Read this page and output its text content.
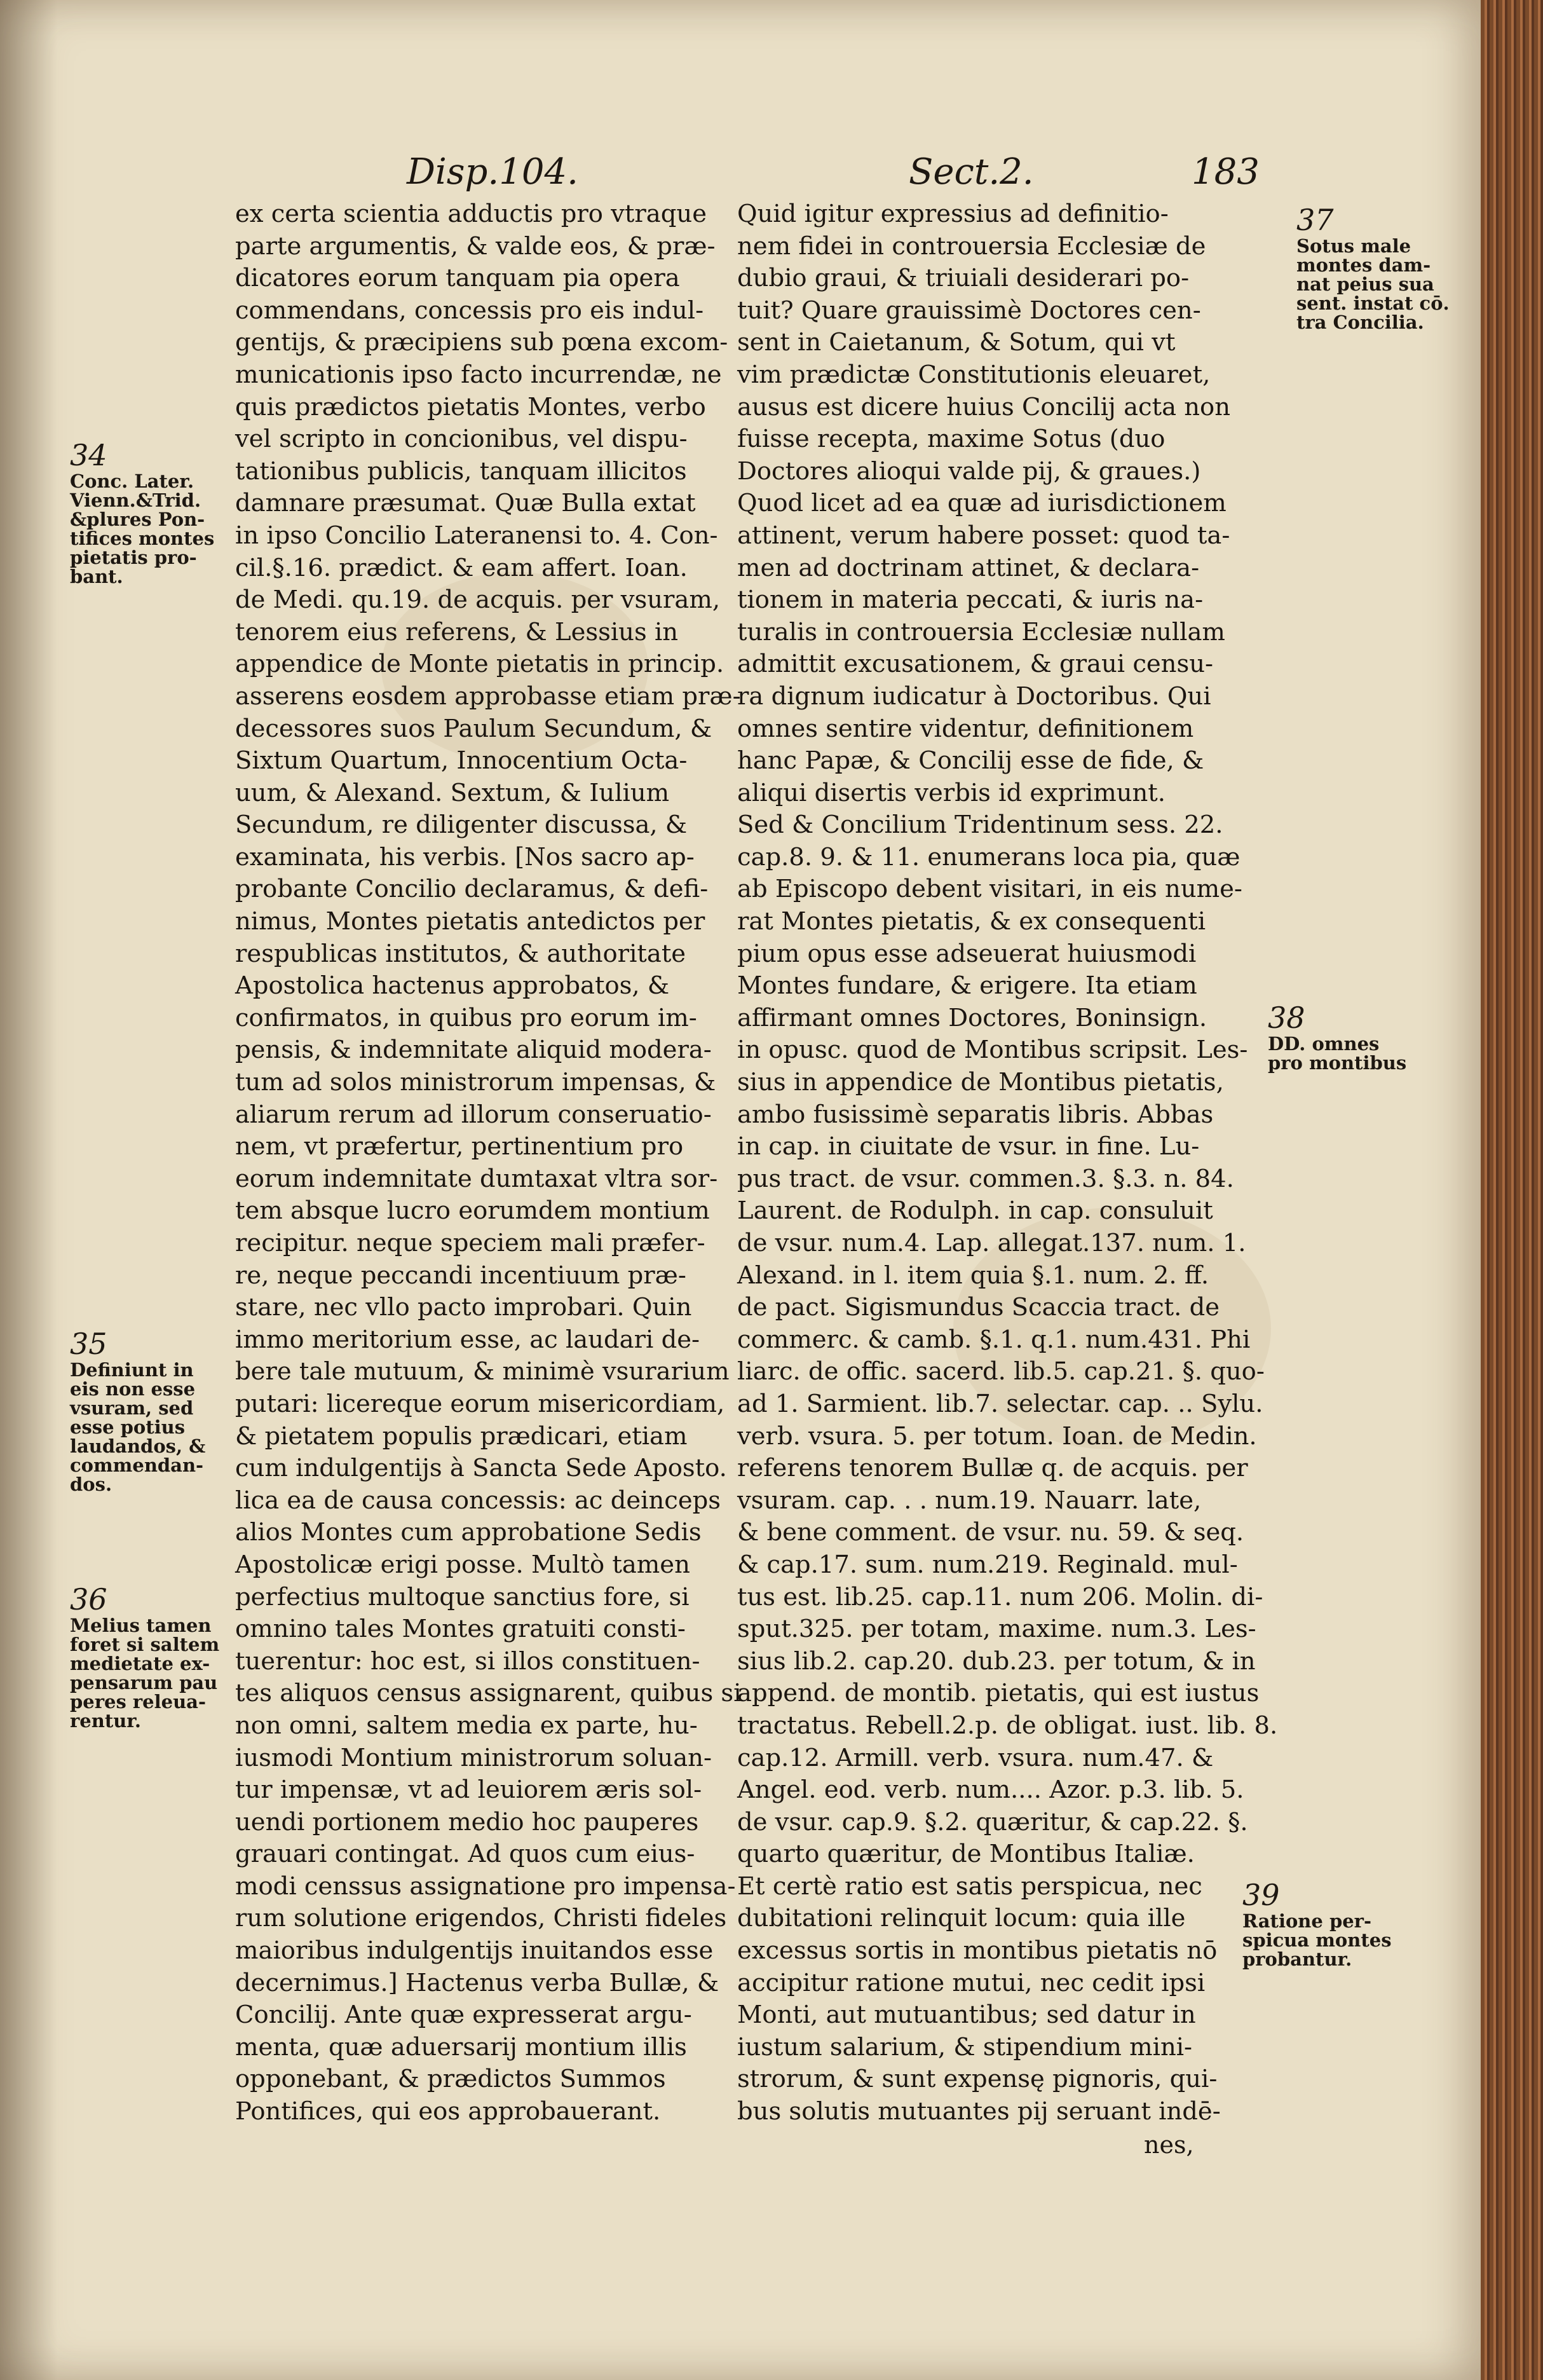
Disp.104.	Sect.2.	183
ex certa scientia adductis pro vtraque
parte argumentis, & valde eos, & præ-
dicatores eorum tanquam pia opera
commendans, concessis pro eis indul-
gentijs, & præcipiens sub pœna excom-
municationis ipso facto incurrendæ, ne
quis prædictos pietatis Montes, verbo
vel scripto in concionibus, vel dispu-
tationibus publicis, tanquam illicitos
damnare præsumat. Quæ Bulla extat
in ipso Concilio Lateranensi to. 4. Con-
cil.§.16. prædict. & eam affert. Ioan.
de Medi. qu.19. de acquis. per vsuram,
tenorem eius referens, & Lessius in
appendice de Monte pietatis in princip.
asserens eosdem approbasse etiam præ-
decessores suos Paulum Secundum, &
Sixtum Quartum, Innocentium Octa-
uum, & Alexand. Sextum, & Iulium
Secundum, re diligenter discussa, &
examinata, his verbis. [Nos sacro ap-
probante Concilio declaramus, & defi-
nimus, Montes pietatis antedictos per
respublicas institutos, & authoritate
Apostolica hactenus approbatos, &
confirmatos, in quibus pro eorum im-
pensis, & indemnitate aliquid modera-
tum ad solos ministrorum impensas, &
aliarum rerum ad illorum conseruatio-
nem, vt præfertur, pertinentium pro
eorum indemnitate dumtaxat vltra sor-
tem absque lucro eorumdem montium
recipitur. neque speciem mali præfer-
re, neque peccandi incentiuum præ-
stare, nec vllo pacto improbari. Quin
immo meritorium esse, ac laudari de-
bere tale mutuum, & minimè vsurarium
putari: licereque eorum misericordiam,
& pietatem populis prædicari, etiam
cum indulgentijs à Sancta Sede Aposto.
lica ea de causa concessis: ac deinceps
alios Montes cum approbatione Sedis
Apostolicæ erigi posse. Multò tamen
perfectius multoque sanctius fore, si
omnino tales Montes gratuiti consti-
tuerentur: hoc est, si illos constituen-
tes aliquos census assignarent, quibus si
non omni, saltem media ex parte, hu-
iusmodi Montium ministrorum soluan-
tur impensæ, vt ad leuiorem æris sol-
uendi portionem medio hoc pauperes
grauari contingat. Ad quos cum eius-
modi censsus assignatione pro impensa-
rum solutione erigendos, Christi fideles
maioribus indulgentijs inuitandos esse
decernimus.] Hactenus verba Bullæ, &
Concilij. Ante quæ expresserat argu-
menta, quæ aduersarij montium illis
opponebant, & prædictos Summos
Pontifices, qui eos approbauerant.
Quid igitur expressius ad definitio-
nem fidei in controuersia Ecclesiæ de
dubio graui, & triuiali desiderari po-
tuit? Quare grauissimè Doctores cen-
sent in Caietanum, & Sotum, qui vt
vim prædictæ Constitutionis eleuaret,
ausus est dicere huius Concilij acta non
fuisse recepta, maxime Sotus (duo
Doctores alioqui valde pij, & graues.)
Quod licet ad ea quæ ad iurisdictionem
attinent, verum habere posset: quod ta-
men ad doctrinam attinet, & declara-
tionem in materia peccati, & iuris na-
turalis in controuersia Ecclesiæ nullam
admittit excusationem, & graui censu-
ra dignum iudicatur à Doctoribus. Qui
omnes sentire videntur, definitionem
hanc Papæ, & Concilij esse de fide, &
aliqui disertis verbis id exprimunt.
Sed & Concilium Tridentinum sess. 22.
cap.8. 9. & 11. enumerans loca pia, quæ
ab Episcopo debent visitari, in eis nume-
rat Montes pietatis, & ex consequenti
pium opus esse adseuerat huiusmodi
Montes fundare, & erigere. Ita etiam
affirmant omnes Doctores, Boninsign.
in opusc. quod de Montibus scripsit. Les-
sius in appendice de Montibus pietatis,
ambo fusissimè separatis libris. Abbas
in cap. in ciuitate de vsur. in fine. Lu-
pus tract. de vsur. commen.3. §.3. n. 84.
Laurent. de Rodulph. in cap. consuluit
de vsur. num.4. Lap. allegat.137. num. 1.
Alexand. in l. item quia §.1. num. 2. ff.
de pact. Sigismundus Scaccia tract. de
commerc. & camb. §.1. q.1. num.431. Phi
liarc. de offic. sacerd. lib.5. cap.21. §. quo-
ad 1. Sarmient. lib.7. selectar. cap. .. Sylu.
verb. vsura. 5. per totum. Ioan. de Medin.
referens tenorem Bullæ q. de acquis. per
vsuram. cap. . . num.19. Nauarr. late,
& bene comment. de vsur. nu. 59. & seq.
& cap.17. sum. num.219. Reginald. mul-
tus est. lib.25. cap.11. num 206. Molin. di-
sput.325. per totam, maxime. num.3. Les-
sius lib.2. cap.20. dub.23. per totum, & in
append. de montib. pietatis, qui est iustus
tractatus. Rebell.2.p. de obligat. iust. lib. 8.
cap.12. Armill. verb. vsura. num.47. &
Angel. eod. verb. num.... Azor. p.3. lib. 5.
de vsur. cap.9. §.2. quæritur, & cap.22. §.
quarto quæritur, de Montibus Italiæ.
Et certè ratio est satis perspicua, nec
dubitationi relinquit locum: quia ille
excessus sortis in montibus pietatis nō
accipitur ratione mutui, nec cedit ipsi
Monti, aut mutuantibus; sed datur in
iustum salarium, & stipendium mini-
strorum, & sunt expensę pignoris, qui-
bus solutis mutuantes pij seruant indē-
34
Conc. Later.
Vienn.&Trid.
&plures Pon-
tifices montes
pietatis pro-
bant.
35
Definiunt in
eis non esse
vsuram, sed
esse potius
laudandos, &
commendan-
dos.
36
Melius tamen
foret si saltem
medietate ex-
pensarum pau
peres releua-
rentur.
37
Sotus male
montes dam-
nat peius sua
sent. instat cō.
tra Concilia.
38
DD. omnes
pro montibus
39
Ratione per-
spicua montes
probantur.
nes,
